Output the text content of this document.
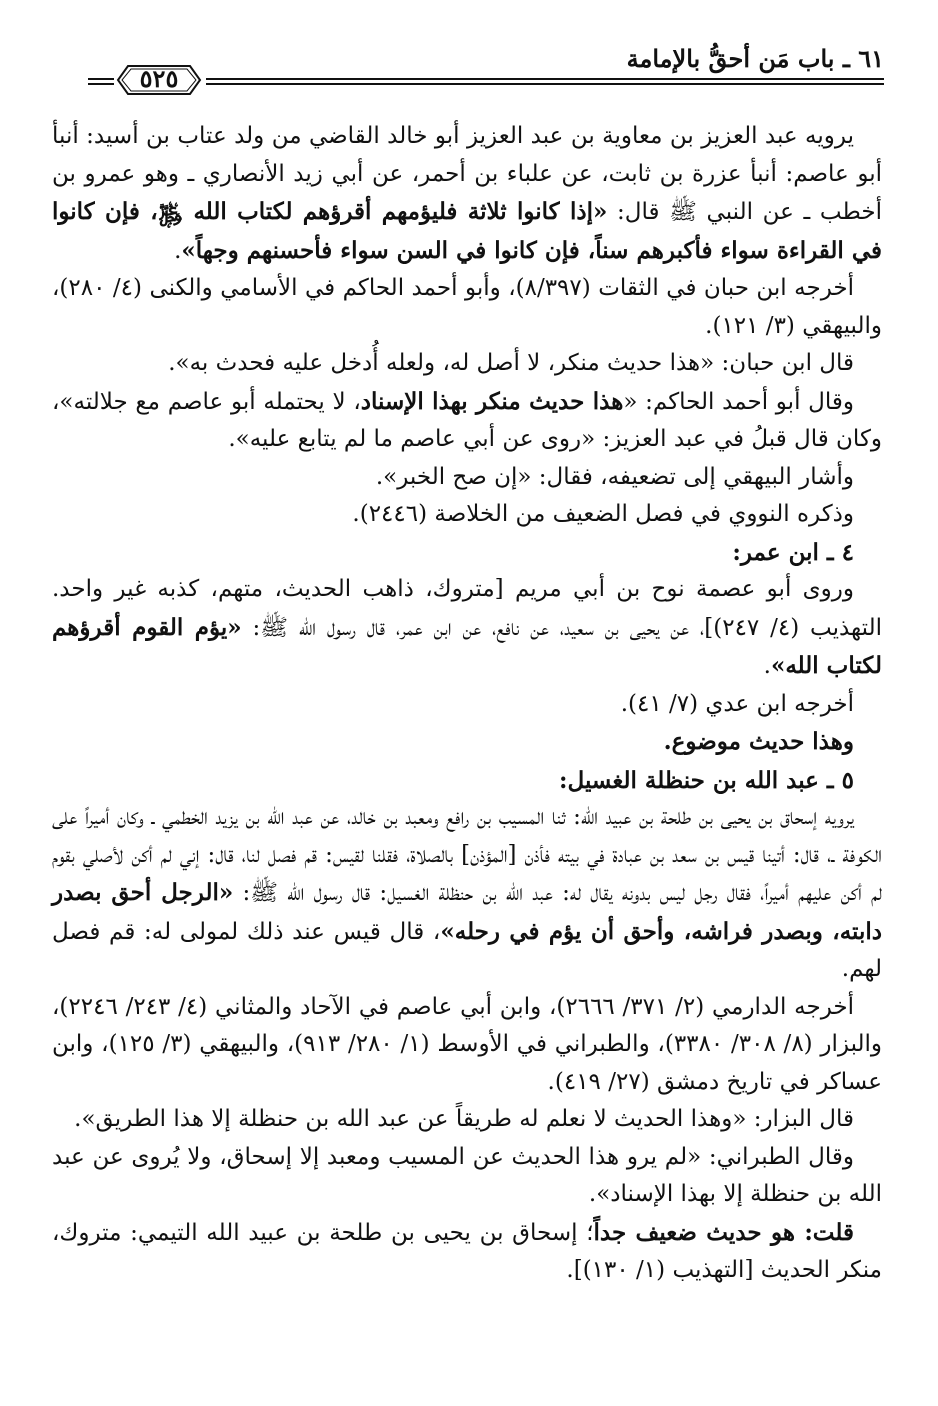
٦١ ـ باب مَن أحقُّ بالإمامة
٥٢٥

يرويه عبد العزيز بن معاوية بن عبد العزيز أبو خالد القاضي من ولد عتاب بن أسيد: أنبأ أبو عاصم: أنبأ عزرة بن ثابت، عن علباء بن أحمر، عن أبي زيد الأنصاري ـ وهو عمرو بن أخطب ـ عن النبي ﷺ قال: «إذا كانوا ثلاثة فليؤمهم أقرؤهم لكتاب الله ﷿، فإن كانوا في القراءة سواء فأكبرهم سناً، فإن كانوا في السن سواء فأحسنهم وجهاً».

أخرجه ابن حبان في الثقات (٨/٣٩٧)، وأبو أحمد الحاكم في الأسامي والكنى (٤/ ٢٨٠)، والبيهقي (٣/ ١٢١).

قال ابن حبان: «هذا حديث منكر، لا أصل له، ولعله أُدخل عليه فحدث به».

وقال أبو أحمد الحاكم: «هذا حديث منكر بهذا الإسناد، لا يحتمله أبو عاصم مع جلالته»، وكان قال قبلُ في عبد العزيز: «روى عن أبي عاصم ما لم يتابع عليه».

وأشار البيهقي إلى تضعيفه، فقال: «إن صح الخبر».

وذكره النووي في فصل الضعيف من الخلاصة (٢٤٤٦).

٤ ـ ابن عمر:

وروى أبو عصمة نوح بن أبي مريم [متروك، ذاهب الحديث، متهم، كذبه غير واحد. التهذيب (٤/ ٢٤٧)]، عن يحيى بن سعيد، عن نافع، عن ابن عمر، قال رسول الله ﷺ: «يؤم القوم أقرؤهم لكتاب الله».

أخرجه ابن عدي (٧/ ٤١).

وهذا حديث موضوع.

٥ ـ عبد الله بن حنظلة الغسيل:

يرويه إسحاق بن يحيى بن طلحة بن عبيد الله: ثنا المسيب بن رافع ومعبد بن خالد، عن عبد الله بن يزيد الخطمي ـ وكان أميراً على الكوفة ـ، قال: أتينا قيس بن سعد بن عبادة في بيته فأذن [المؤذن] بالصلاة، فقلنا لقيس: قم فصل لنا، قال: إني لم أكن لأصلي بقوم لم أكن عليهم أميراً، فقال رجل ليس بدونه يقال له: عبد الله بن حنظلة الغسيل: قال رسول الله ﷺ: «الرجل أحق بصدر دابته، وبصدر فراشه، وأحق أن يؤم في رحله»، قال قيس عند ذلك لمولى له: قم فصل لهم.

أخرجه الدارمي (٢/ ٣٧١/ ٢٦٦٦)، وابن أبي عاصم في الآحاد والمثاني (٤/ ٢٤٣/ ٢٢٤٦)، والبزار (٨/ ٣٠٨/ ٣٣٨٠)، والطبراني في الأوسط (١/ ٢٨٠/ ٩١٣)، والبيهقي (٣/ ١٢٥)، وابن عساكر في تاريخ دمشق (٢٧/ ٤١٩).

قال البزار: «وهذا الحديث لا نعلم له طريقاً عن عبد الله بن حنظلة إلا هذا الطريق».

وقال الطبراني: «لم يرو هذا الحديث عن المسيب ومعبد إلا إسحاق، ولا يُروى عن عبد الله بن حنظلة إلا بهذا الإسناد».

قلت: هو حديث ضعيف جداً؛ إسحاق بن يحيى بن طلحة بن عبيد الله التيمي: متروك، منكر الحديث [التهذيب (١/ ١٣٠)].
